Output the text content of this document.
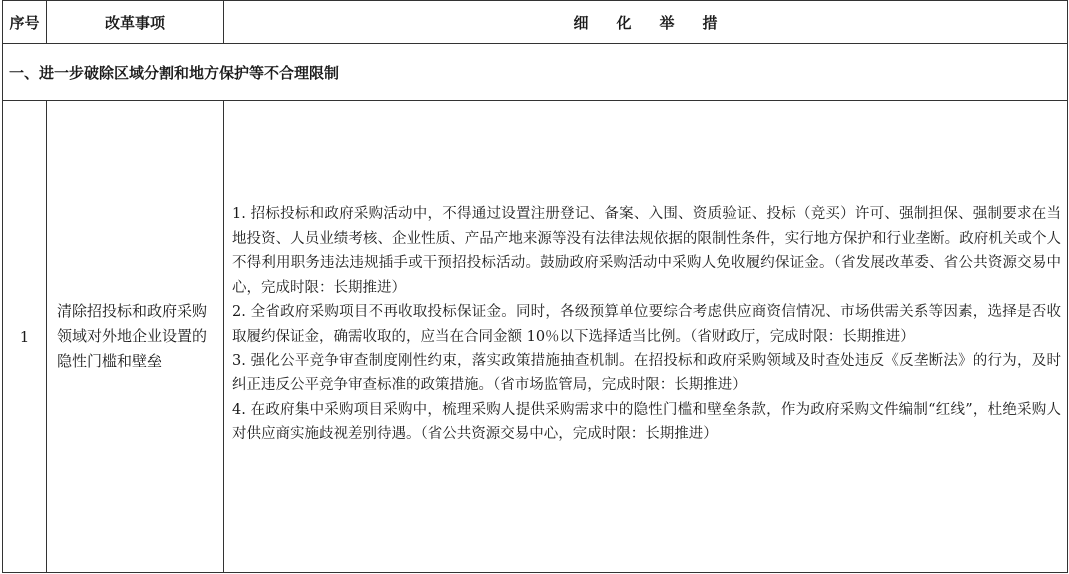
序号	改革事项	细化举措
一、进一步破除区域分割和地方保护等不合理限制		
1	清除招投标和政府采购领域对外地企业设置的隐性门槛和壁垒	1. 招标投标和政府采购活动中，不得通过设置注册登记、备案、入围、资质验证、投标（竞买）许可、强制担保、强制要求在当地投资、人员业绩考核、企业性质、产品产地来源等没有法律法规依据的限制性条件，实行地方保护和行业垄断。政府机关或个人不得利用职务违法违规插手或干预招投标活动。鼓励政府采购活动中采购人免收履约保证金。（省发展改革委、省公共资源交易中心，完成时限：长期推进）

2. 全省政府采购项目不再收取投标保证金。同时，各级预算单位要综合考虑供应商资信情况、市场供需关系等因素，选择是否收取履约保证金，确需收取的，应当在合同金额 10％以下选择适当比例。（省财政厅，完成时限：长期推进）

3. 强化公平竞争审查制度刚性约束，落实政策措施抽查机制。在招投标和政府采购领域及时查处违反《反垄断法》的行为，及时纠正违反公平竞争审查标准的政策措施。（省市场监管局，完成时限：长期推进）

4. 在政府集中采购项目采购中，梳理采购人提供采购需求中的隐性门槛和壁垒条款，作为政府采购文件编制“红线”，杜绝采购人对供应商实施歧视差别待遇。（省公共资源交易中心，完成时限：长期推进）
